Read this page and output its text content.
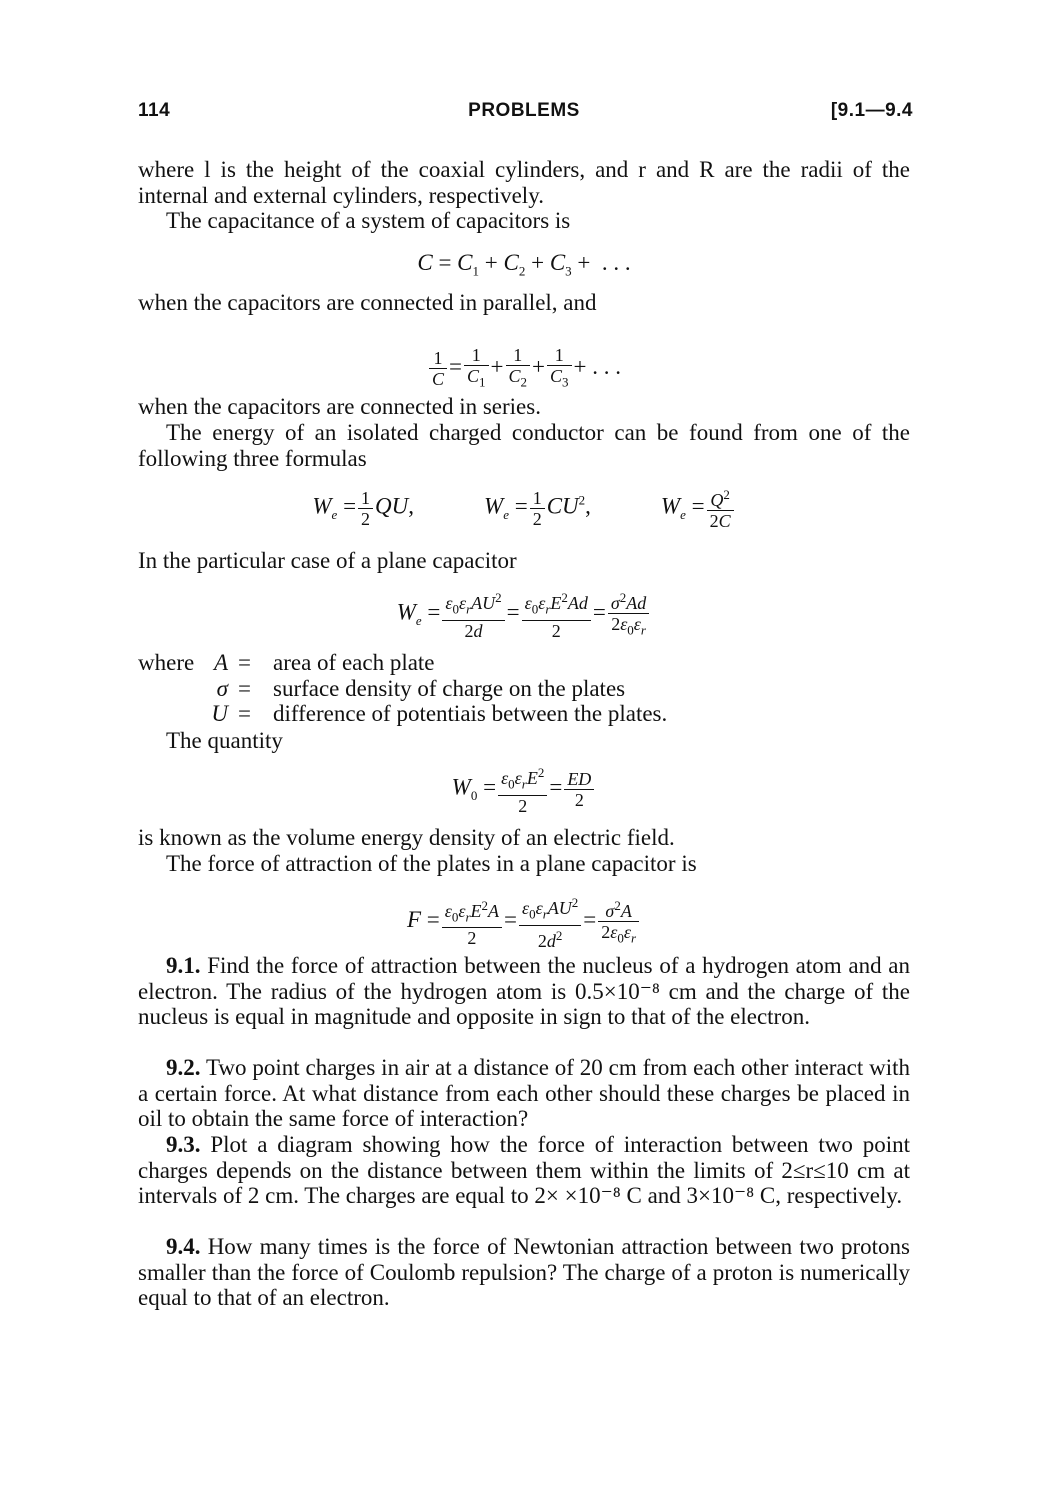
114	PROBLEMS	[9.1—9.4
where l is the height of the coaxial cylinders, and r and R are the radii of the internal and external cylinders, respectively.
The capacitance of a system of capacitors is
$C = C_1 + C_2 + C_3$ +  . . .
when the capacitors are connected in parallel, and
$\frac{1}{C} = \frac{1}{C_1} + \frac{1}{C_2} + \frac{1}{C_3}$ + . . .
when the capacitors are connected in series.
The energy of an isolated charged conductor can be found from one of the following three formulas
$W_e = \frac{1}{2}$ QU,	$W_e = \frac{1}{2} CU^2$,	$W_e = \frac{Q^2}{2C}$
In the particular case of a plane capacitor
$W_e = \frac{\varepsilon_0\varepsilon_rAU^2}{2d} = \frac{\varepsilon_0\varepsilon_rE^2Ad}{2} = \frac{\sigma^2Ad}{2\varepsilon_0\varepsilon_r}$
where A = area of each plate
σ = surface density of charge on the plates
U = difference of potentiais between the plates.
The quantity
$W_0 = \frac{\varepsilon_0\varepsilon_rE^2}{2} = \frac{ED}{2}$
is known as the volume energy density of an electric field.
The force of attraction of the plates in a plane capacitor is
$F = \frac{\varepsilon_0\varepsilon_rE^2A}{2} = \frac{\varepsilon_0\varepsilon_rAU^2}{2d^2} = \frac{\sigma^2A}{2\varepsilon_0\varepsilon_r}$
9.1. Find the force of attraction between the nucleus of a hydrogen atom and an electron. The radius of the hydrogen atom is 0.5×10⁻⁸ cm and the charge of the nucleus is equal in magnitude and opposite in sign to that of the electron.
9.2. Two point charges in air at a distance of 20 cm from each other interact with a certain force. At what distance from each other should these charges be placed in oil to obtain the same force of interaction?
9.3. Plot a diagram showing how the force of interaction between two point charges depends on the distance between them within the limits of 2≤r≤10 cm at intervals of 2 cm. The charges are equal to 2× ×10⁻⁸ C and 3×10⁻⁸ C, respectively.
9.4. How many times is the force of Newtonian attraction between two protons smaller than the force of Coulomb repulsion? The charge of a proton is numerically equal to that of an electron.
